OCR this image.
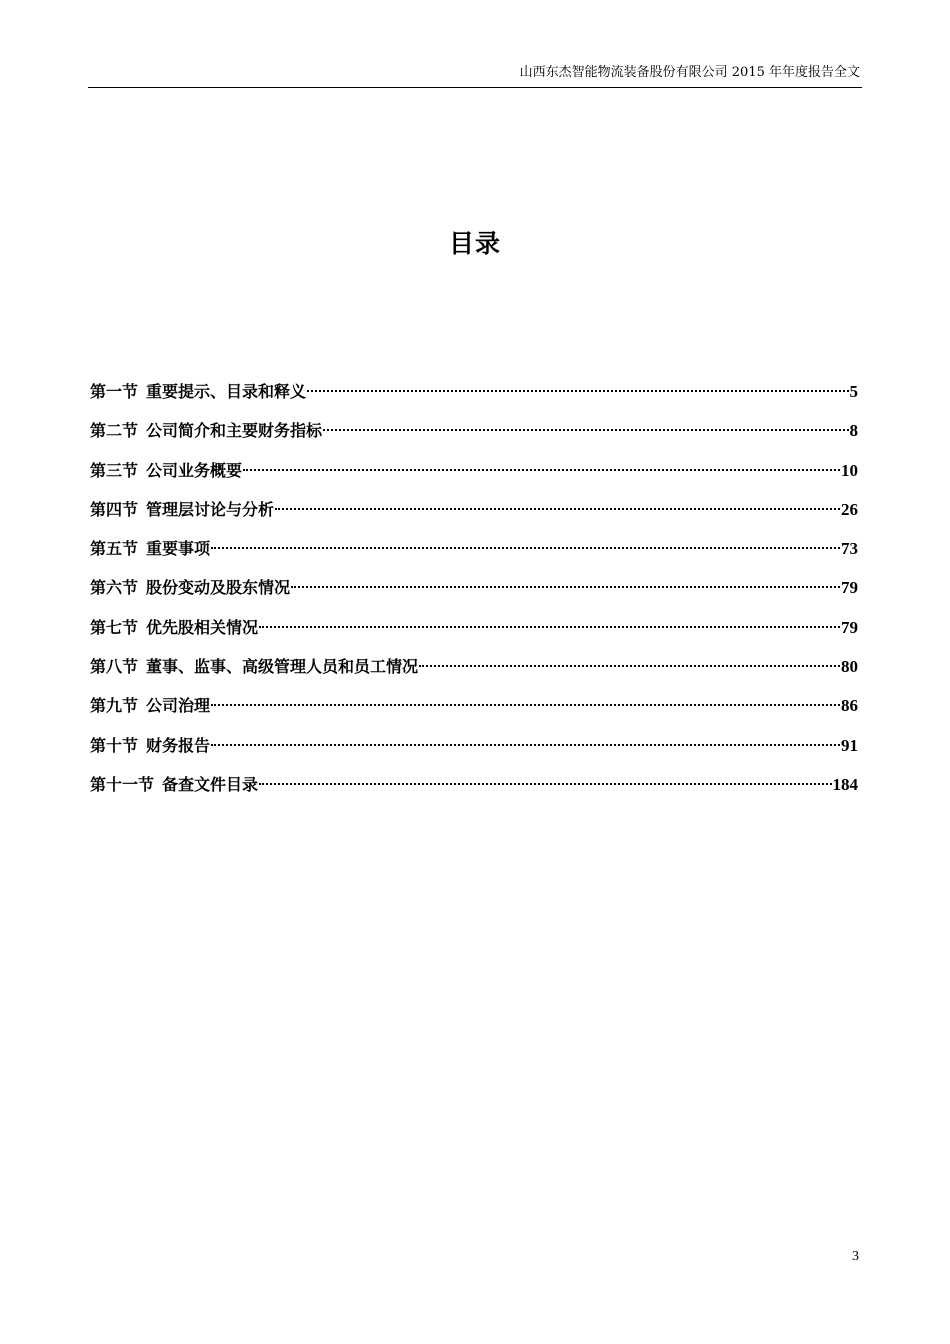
山西东杰智能物流装备股份有限公司 2015 年年度报告全文
目录
第一节 重要提示、目录和释义	5
第二节 公司简介和主要财务指标	8
第三节 公司业务概要	10
第四节 管理层讨论与分析	26
第五节 重要事项	73
第六节 股份变动及股东情况	79
第七节 优先股相关情况	79
第八节 董事、监事、高级管理人员和员工情况	80
第九节 公司治理	86
第十节 财务报告	91
第十一节 备查文件目录	184
3
